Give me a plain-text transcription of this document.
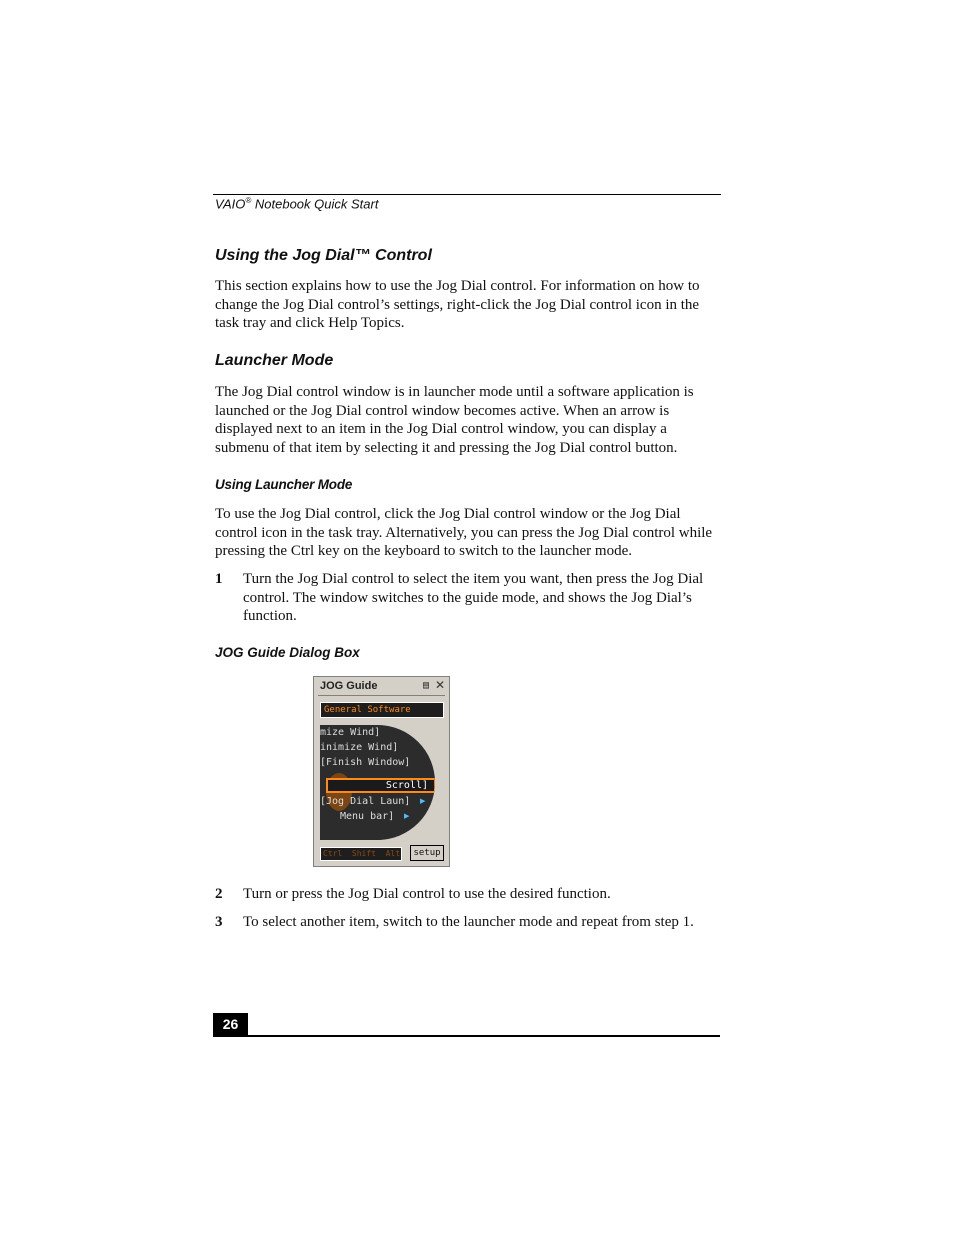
VAIO® Notebook Quick Start
Using the Jog Dial™ Control

This section explains how to use the Jog Dial control. For information on how to change the Jog Dial control’s settings, right-click the Jog Dial control icon in the task tray and click Help Topics.

Launcher Mode

The Jog Dial control window is in launcher mode until a software application is launched or the Jog Dial control window becomes active. When an arrow is displayed next to an item in the Jog Dial control window, you can display a submenu of that item by selecting it and pressing the Jog Dial control button.

Using Launcher Mode

To use the Jog Dial control, click the Jog Dial control window or the Jog Dial control icon in the task tray. Alternatively, you can press the Jog Dial control while pressing the Ctrl key on the keyboard to switch to the launcher mode.

1 Turn the Jog Dial control to select the item you want, then press the Jog Dial control. The window switches to the guide mode, and shows the Jog Dial’s function.
JOG Guide Dialog Box
JOG Guide	▤ ✕
General Software
mize Wind]
inimize Wind]
[Finish Window]
Scroll]
[Jog Dial Laun] ▶
Menu bar] ▶
Ctrl  Shift  Alt	setup
2 Turn or press the Jog Dial control to use the desired function.
3 To select another item, switch to the launcher mode and repeat from step 1.
26
